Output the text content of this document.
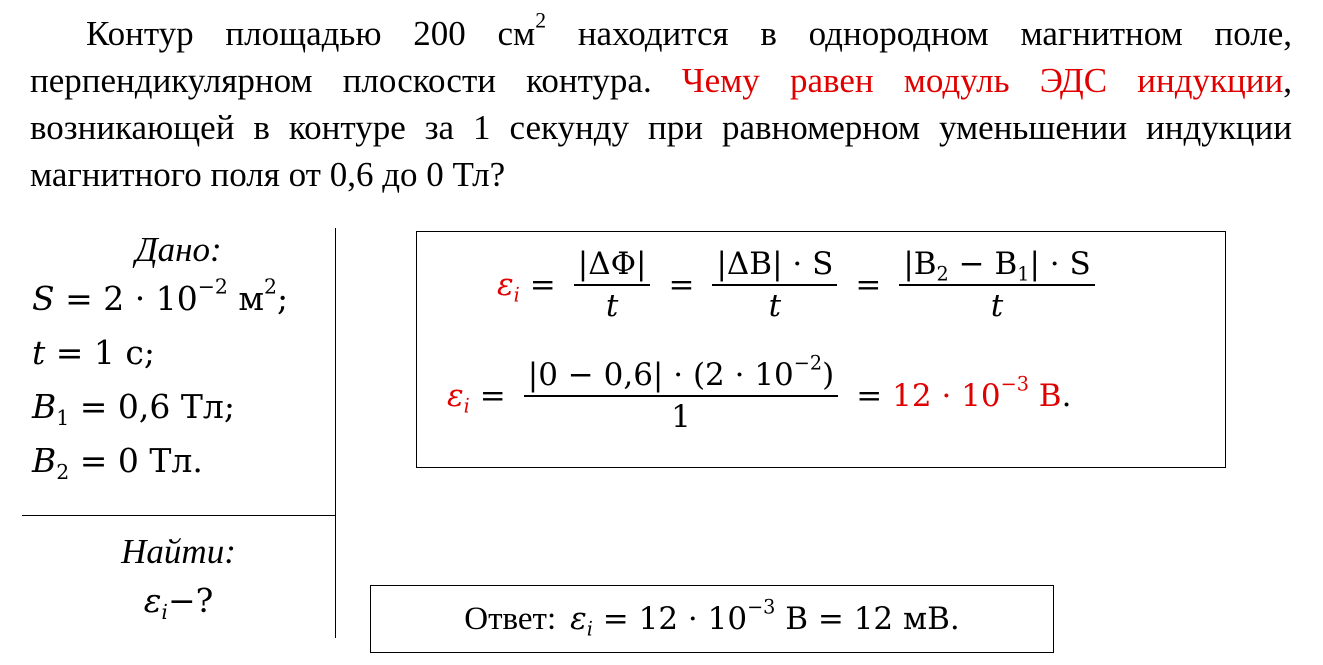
Контур площадью 200 $см^2$ находится в однородном магнитном поле, перпендикулярном плоскости контура. Чему равен модуль ЭДС индукции, возникающей в контуре за 1 секунду при равномерном уменьшении индукции магнитного поля от 0,6 до 0 Тл?

Дано:
$S = 2 \cdot 10^{-2}$ $м^2$;
t = 1 с;
$B_1 = 0,6$ Тл;
$B_2 = 0$ Тл.
Найти:
$\varepsilon_i-$?
$\varepsilon_i = \frac{|\Delta\Phi|}{t} = \frac{|\Delta B| \cdot S}{t} = \frac{|B_2 - B_1| \cdot S}{t}$
$\varepsilon_i = \frac{|0 - 0,6| \cdot (2 \cdot 10^{-2})}{1} = 12 \cdot 10^{-3}$ В .
Ответ: $\varepsilon_i = 12 \cdot 10^{-3}$ В = 12 мВ.
